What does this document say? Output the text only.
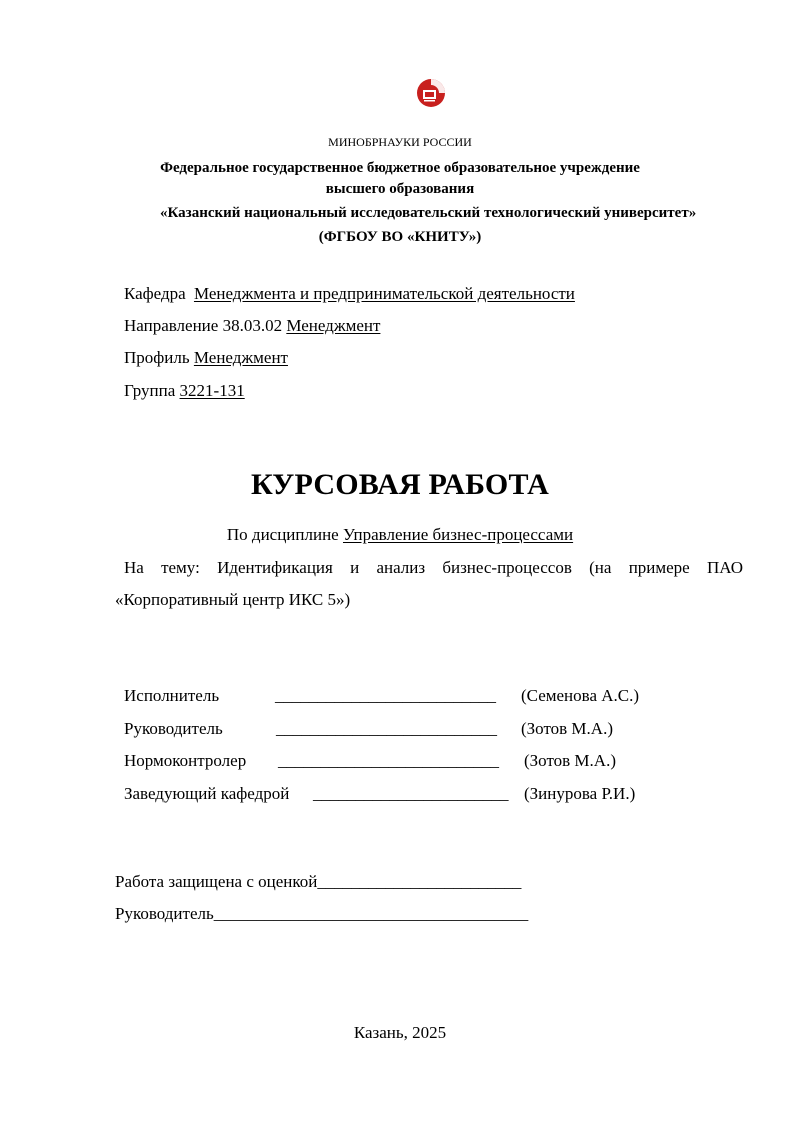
МИНОБРНАУКИ РОССИИ
Федеральное государственное бюджетное образовательное учреждение
высшего образования
«Казанский национальный исследовательский технологический университет»
(ФГБОУ ВО «КНИТУ»)
Кафедра Менеджмента и предпринимательской деятельности
Направление 38.03.02 Менеджмент
Профиль Менеджмент
Группа 3221-131
КУРСОВАЯ РАБОТА
По дисциплине Управление бизнес-процессами
На тему: Идентификация и анализ бизнес-процессов (на примере ПАО
«Корпоративный центр ИКС 5»)
Исполнитель	__________________________ (Семенова А.С.)
Руководитель	__________________________ (Зотов М.А.)
Нормоконтролер __________________________ (Зотов М.А.)
Заведующий кафедрой _______________________ (Зинурова Р.И.)
Работа защищена с оценкой________________________
Руководитель_____________________________________
Казань, 2025
